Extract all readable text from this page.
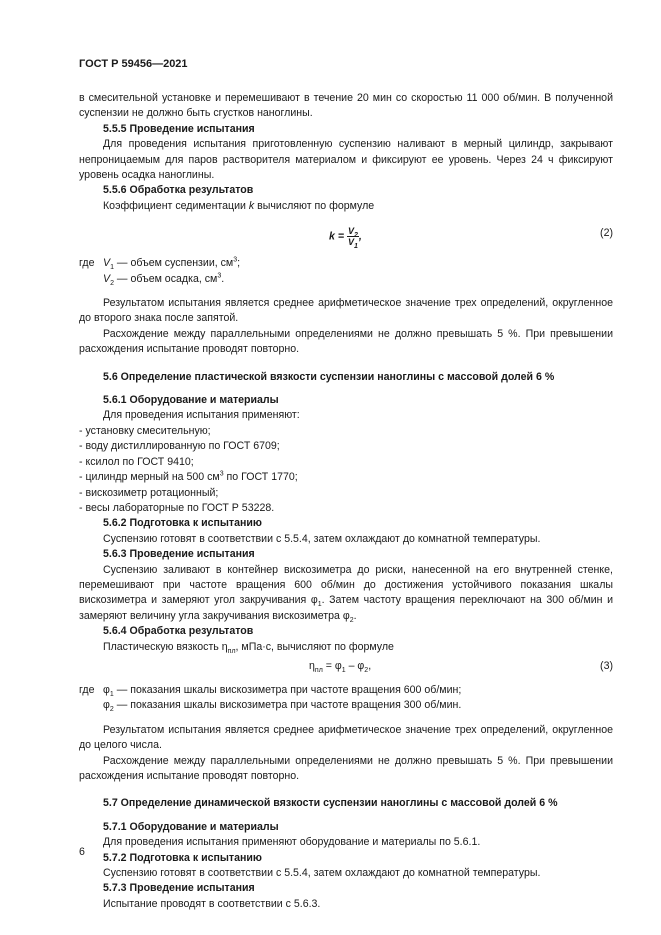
ГОСТ Р 59456—2021

в смесительной установке и перемешивают в течение 20 мин со скоростью 11 000 об/мин. В полученной суспензии не должно быть сгустков наноглины.

5.5.5 Проведение испытания

Для проведения испытания приготовленную суспензию наливают в мерный цилиндр, закрывают непроницаемым для паров растворителя материалом и фиксируют ее уровень. Через 24 ч фиксируют уровень осадка наноглины.

5.5.6 Обработка результатов

Коэффициент седиментации k вычисляют по формуле

$k = \frac{V_2}{V_1}$ ,	(2)
где $V_1$ — объем суспензии, $см^3$;
$V_2$ — объем осадка, $см^3$.

Результатом испытания является среднее арифметическое значение трех определений, округленное до второго знака после запятой.

Расхождение между параллельными определениями не должно превышать 5 %. При превышении расхождения испытание проводят повторно.

5.6 Определение пластической вязкости суспензии наноглины с массовой долей 6 %

5.6.1 Оборудование и материалы

Для проведения испытания применяют:

- установку смесительную;

- воду дистиллированную по ГОСТ 6709;

- ксилол по ГОСТ 9410;

- цилиндр мерный на 500 $см^3$ по ГОСТ 1770;

- вискозиметр ротационный;

- весы лабораторные по ГОСТ Р 53228.

5.6.2 Подготовка к испытанию

Суспензию готовят в соответствии с 5.5.4, затем охлаждают до комнатной температуры.

5.6.3 Проведение испытания

Суспензию заливают в контейнер вискозиметра до риски, нанесенной на его внутренней стенке, перемешивают при частоте вращения 600 об/мин до достижения устойчивого показания шкалы вискозиметра и замеряют угол закручивания $\varphi_1$. Затем частоту вращения переключают на 300 об/мин и замеряют величину угла закручивания вискозиметра $\varphi_2$.

5.6.4 Обработка результатов

Пластическую вязкость $\eta_{пл}$, мПа·с, вычисляют по формуле

$\eta_{пл} = \varphi_1 - \varphi_2$,	(3)
где $\varphi_1$ — показания шкалы вискозиметра при частоте вращения 600 об/мин;
$\varphi_2$ — показания шкалы вискозиметра при частоте вращения 300 об/мин.

Результатом испытания является среднее арифметическое значение трех определений, округленное до целого числа.

Расхождение между параллельными определениями не должно превышать 5 %. При превышении расхождения испытание проводят повторно.

5.7 Определение динамической вязкости суспензии наноглины с массовой долей 6 %

5.7.1 Оборудование и материалы

Для проведения испытания применяют оборудование и материалы по 5.6.1.

5.7.2 Подготовка к испытанию

Суспензию готовят в соответствии с 5.5.4, затем охлаждают до комнатной температуры.

5.7.3 Проведение испытания

Испытание проводят в соответствии с 5.6.3.

6
